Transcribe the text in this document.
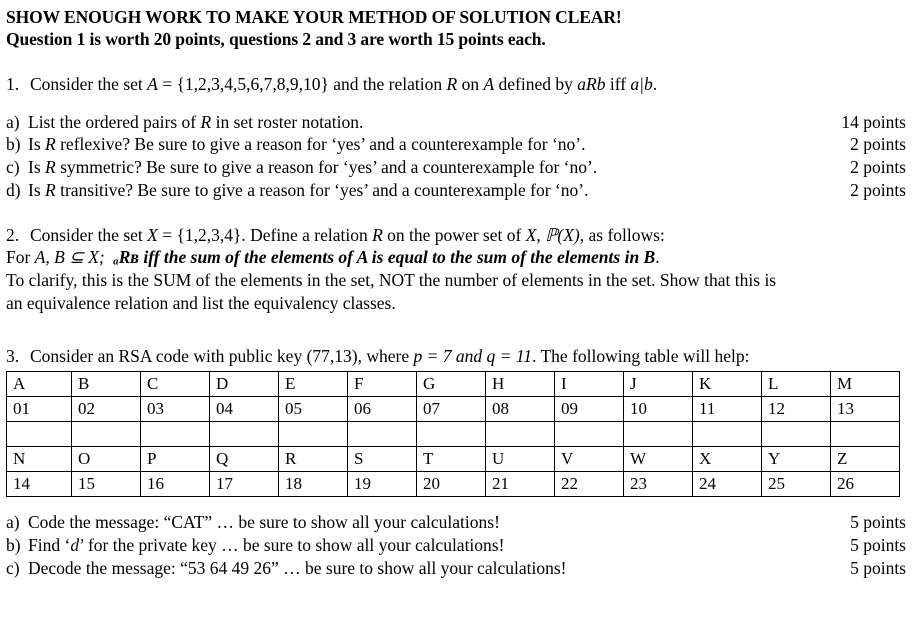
SHOW ENOUGH WORK TO MAKE YOUR METHOD OF SOLUTION CLEAR!
Question 1 is worth 20 points, questions 2 and 3 are worth 15 points each.
1. Consider the set A = {1,2,3,4,5,6,7,8,9,10} and the relation R on A defined by aRb iff a|b.
a) List the ordered pairs of R in set roster notation.	14 points
b) Is R reflexive? Be sure to give a reason for ‘yes’ and a counterexample for ‘no’.	2 points
c) Is R symmetric? Be sure to give a reason for ‘yes’ and a counterexample for ‘no’.	2 points
d) Is R transitive? Be sure to give a reason for ‘yes’ and a counterexample for ‘no’.	2 points
2. Consider the set X = {1,2,3,4}. Define a relation R on the power set of X, ℙ(X), as follows:
For A, B ⊆ X; ₐRʙ iff the sum of the elements of A is equal to the sum of the elements in B.
To clarify, this is the SUM of the elements in the set, NOT the number of elements in the set. Show that this is
an equivalence relation and list the equivalency classes.
3. Consider an RSA code with public key (77,13), where p = 7 and q = 11. The following table will help:
A	B	C	D	E	F	G	H	I	J	K	L	M
01	02	03	04	05	06	07	08	09	10	11	12	13

N	O	P	Q	R	S	T	U	V	W	X	Y	Z
14	15	16	17	18	19	20	21	22	23	24	25	26
a) Code the message: “CAT” … be sure to show all your calculations!	5 points
b) Find ‘d’ for the private key … be sure to show all your calculations!	5 points
c) Decode the message: “53 64 49 26” … be sure to show all your calculations!	5 points
